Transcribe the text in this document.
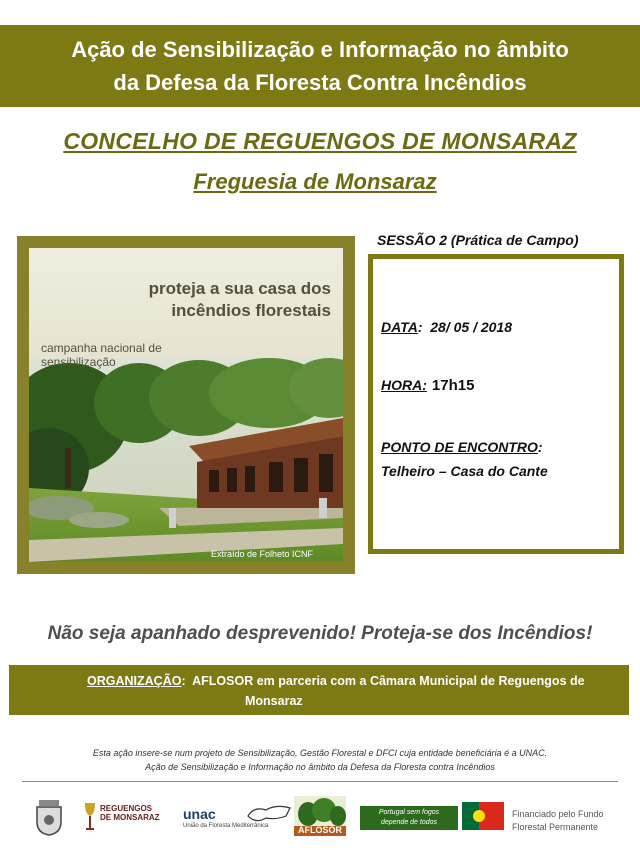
Ação de Sensibilização e Informação no âmbito
da Defesa da Floresta Contra Incêndios
CONCELHO DE REGUENGOS DE MONSARAZ
Freguesia de Monsaraz
proteja a sua casa dos
incêndios florestais
campanha nacional de
sensibilização
Extraído de Folheto ICNF
SESSÃO 2 (Prática de Campo)
DATA:  28/ 05 / 2018
HORA: 17h15
PONTO DE ENCONTRO:
Telheiro – Casa do Cante
Não seja apanhado desprevenido! Proteja-se dos Incêndios!
ORGANIZAÇÃO:  AFLOSOR em parceria com a Câmara Municipal de Reguengos de
Monsaraz
Esta ação insere-se num projeto de Sensibilização, Gestão Florestal e DFCI cuja entidade beneficiária é a UNAC.
Ação de Sensibilização e Informação no âmbito da Defesa da Floresta contra Incêndios
REGUENGOS
DE MONSARAZ unac
União da Floresta Mediterrânica	AFLOSOR
Portugal sem fogos
depende de todos
Financiado pelo Fundo
Florestal Permanente
